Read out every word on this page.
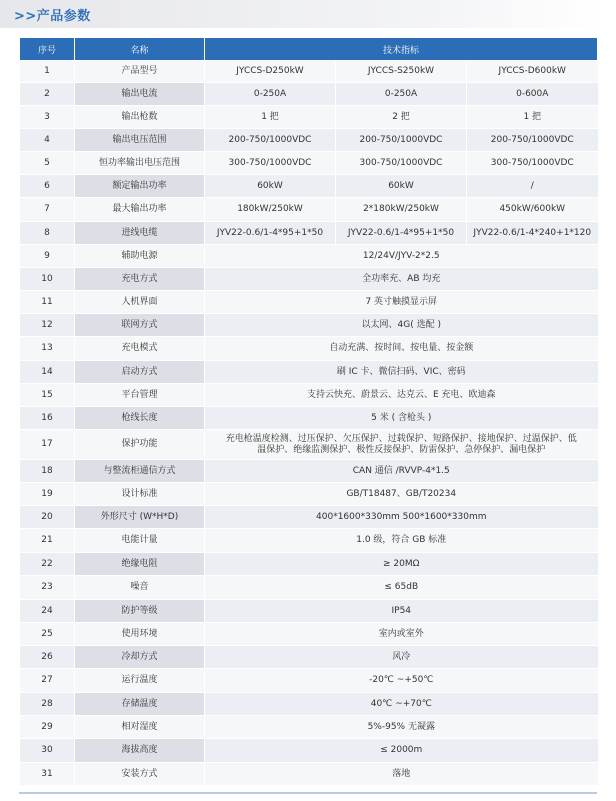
>>产品参数
序号	名称	技术指标		
1	产品型号	JYCCS-D250kW	JYCCS-S250kW	JYCCS-D600kW
2	输出电流	0-250A	0-250A	0-600A
3	输出枪数	1 把	2 把	1 把
4	输出电压范围	200-750/1000VDC	200-750/1000VDC	200-750/1000VDC
5	恒功率输出电压范围	300-750/1000VDC	300-750/1000VDC	300-750/1000VDC
6	额定输出功率	60kW	60kW	/
7	最大输出功率	180kW/250kW	2*180kW/250kW	450kW/600kW
8	进线电缆	JYV22-0.6/1-4*95+1*50	JYV22-0.6/1-4*95+1*50	JYV22-0.6/1-4*240+1*120
9	辅助电源	12/24V/JYV-2*2.5		
10	充电方式	全功率充、AB 均充		
11	人机界面	7 英寸触摸显示屏		
12	联网方式	以太网、4G( 选配 )		
13	充电模式	自动充满、按时间、按电量、按金额		
14	启动方式	刷 IC 卡、微信扫码、VIC、密码		
15	平台管理	支持云快充、蔚景云、达克云、E 充电、欧迪森		
16	枪线长度	5 米 ( 含枪头 )		
17	保护功能	充电枪温度检测、过压保护、欠压保护、过载保护、短路保护、接地保护、过温保护、低温保护、绝缘监测保护、极性反接保护、防雷保护、急停保护、漏电保护		
18	与整流柜通信方式	CAN 通信 /RVVP-4*1.5		
19	设计标准	GB/T18487、GB/T20234		
20	外形尺寸 (W*H*D)	400*1600*330mm 500*1600*330mm		
21	电能计量	1.0 级，符合 GB 标准		
22	绝缘电阻	≥ 20MΩ		
23	噪音	≤ 65dB		
24	防护等级	IP54		
25	使用环境	室内或室外		
26	冷却方式	风冷		
27	运行温度	-20℃ ~+50℃		
28	存储温度	40℃ ~+70℃		
29	相对湿度	5%-95% 无凝露		
30	海拔高度	≤ 2000m		
31	安装方式	落地		
